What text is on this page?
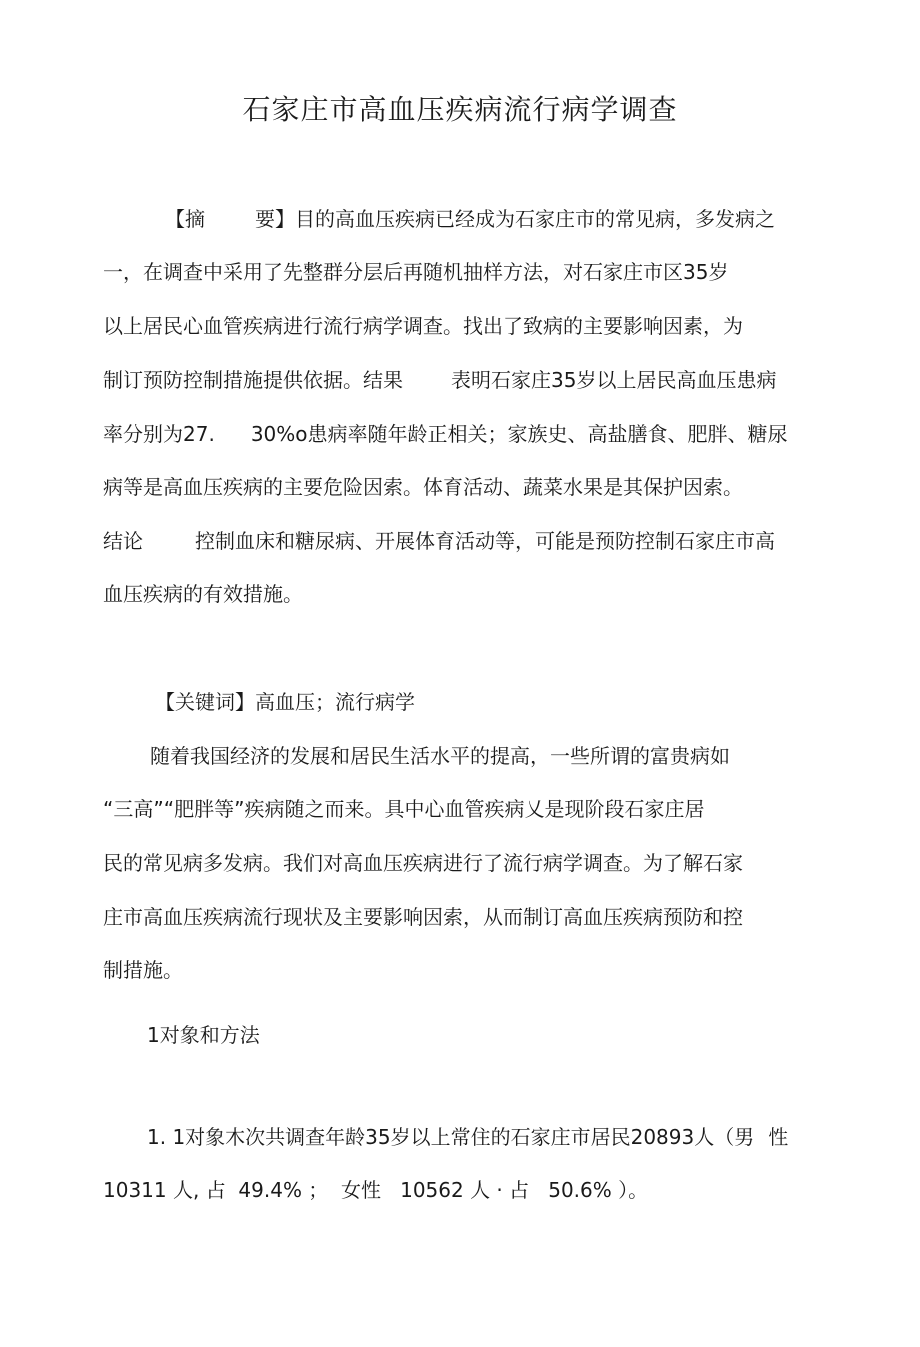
石家庄市高血压疾病流行病学调查
【摘	要】目的高血压疾病已经成为石家庄市的常见病，多发病之
一，在调查中采用了先整群分层后再随机抽样方法，对石家庄市区35岁
以上居民心血管疾病进行流行病学调查。找出了致病的主要影响因素，为
制订预防控制措施提供依据。结果 表明石家庄35岁以上居民高血压患病
率分别为27. 30%o患病率随年龄正相关；家族史、高盐膳食、肥胖、糖尿
病等是高血压疾病的主要危险因索。体育活动、蔬菜水果是其保护因索。
结论	控制血床和糖尿病、开展体育活动等，可能是预防控制石家庄市高
血压疾病的有效措施。
【关键词】高血压；流行病学
随着我国经济的发展和居民生活水平的提高，一些所谓的富贵病如
“三高”“肥胖等”疾病随之而来。具中心血管疾病乂是现阶段石家庄居
民的常见病多发病。我们对高血压疾病进行了流行病学调查。为了解石家
庄市高血压疾病流行现状及主要影响因索，从而制订高血压疾病预防和控
制措施。
1对象和方法
1. 1对象木次共调查年龄35岁以上常住的石家庄市居民20893人（男 性
10311 人, 占  49.4% ；  女性   10562 人 · 占   50.6% ）。
